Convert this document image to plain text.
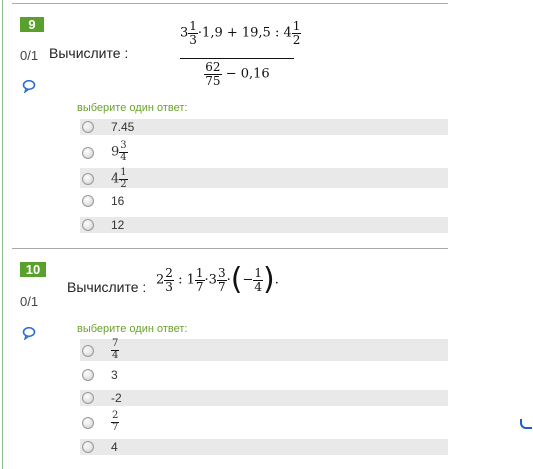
9
0/1 Вычислите :
$3 \frac{1}{3} \cdot 1,9 + 19,5$ : $4 \frac{1}{2}$
$\frac{62}{75} - 0,16$
выберите один ответ:
7.45
$9 \frac{3}{4}$
$4 \frac{1}{2}$
16
12
10
0/1
Вычислите : $2 \frac{2}{3}$ : $1 \frac{1}{7} \cdot 3 \frac{3}{7}$ ·(− $\frac{1}{4}$ ).
выберите один ответ:
$\frac{7}{4}$
3
-2
$\frac{2}{7}$
4
